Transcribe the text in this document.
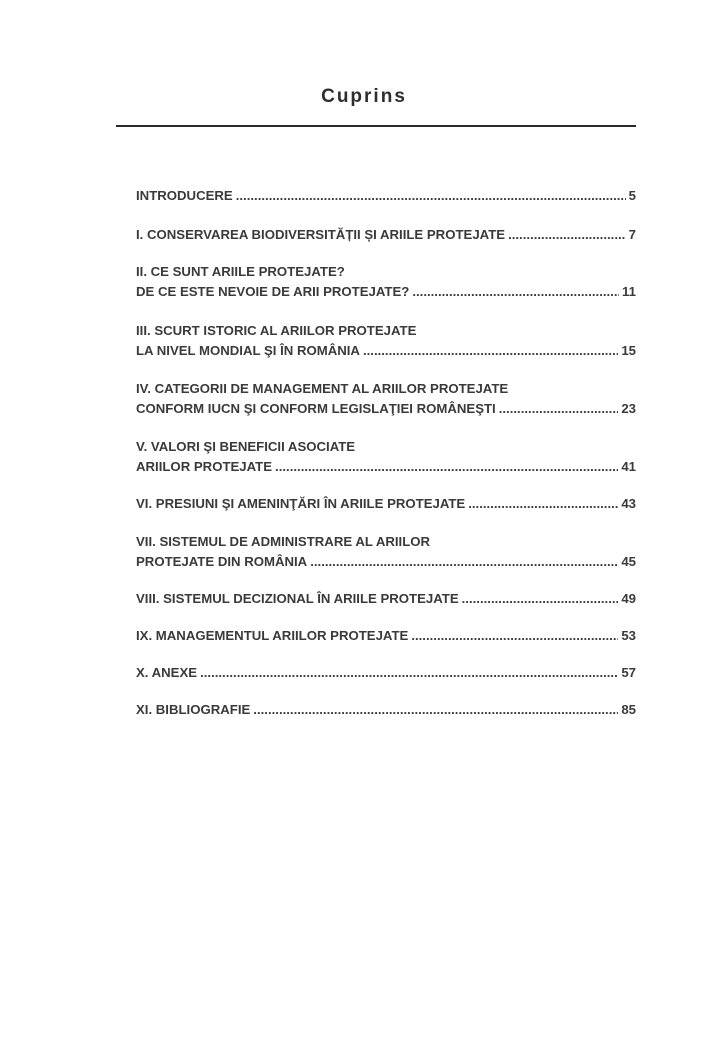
Cuprins
INTRODUCERE .....	5
I. CONSERVAREA BIODIVERSITĂȚII ȘI ARIILE PROTEJATE .....	7
II. CE SUNT ARIILE PROTEJATE?
DE CE ESTE NEVOIE DE ARII PROTEJATE? .....	11
III. SCURT ISTORIC AL ARIILOR PROTEJATE
LA NIVEL MONDIAL ŞI ÎN ROMÂNIA .....	15
IV. CATEGORII DE MANAGEMENT AL ARIILOR PROTEJATE
CONFORM IUCN ŞI CONFORM LEGISLAŢIEI ROMÂNEŞTI .....	23
V. VALORI ŞI BENEFICII ASOCIATE
ARIILOR PROTEJATE .....	41
VI. PRESIUNI ŞI AMENINŢĂRI ÎN ARIILE PROTEJATE .....	43
VII. SISTEMUL DE ADMINISTRARE AL ARIILOR
PROTEJATE DIN ROMÂNIA .....	45
VIII. SISTEMUL DECIZIONAL ÎN ARIILE PROTEJATE .....	49
IX. MANAGEMENTUL ARIILOR PROTEJATE .....	53
X. ANEXE .....	57
XI. BIBLIOGRAFIE .....	85
